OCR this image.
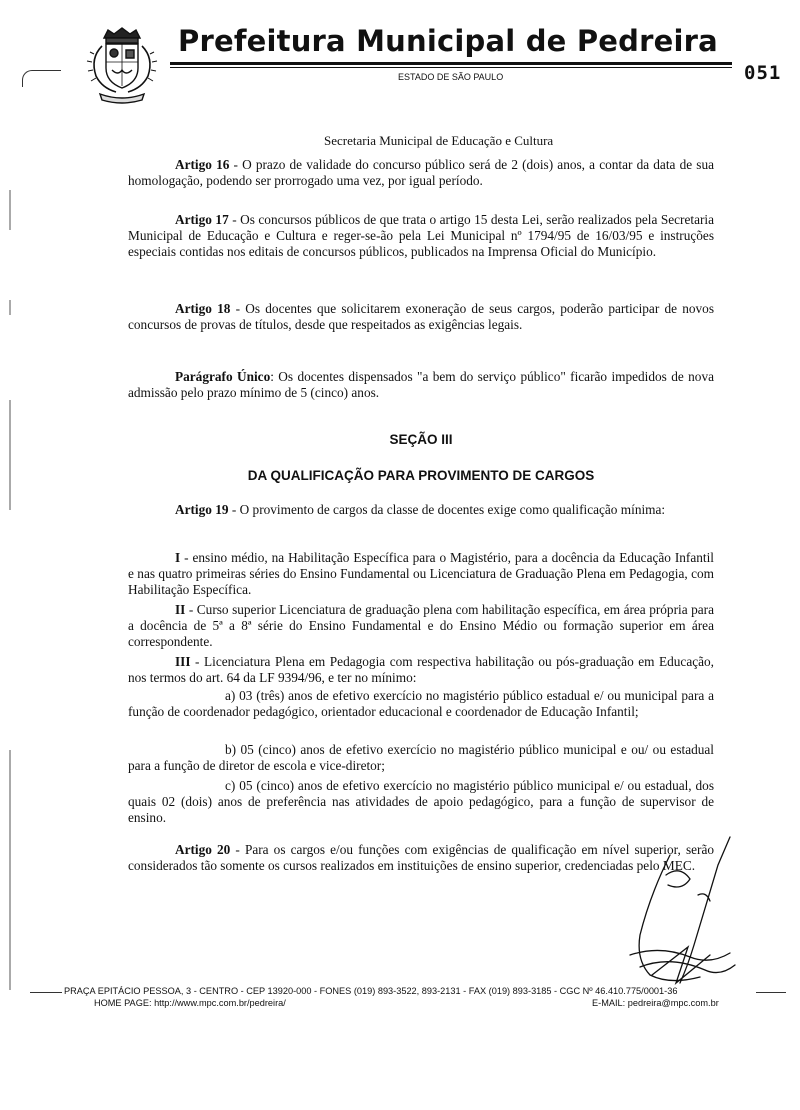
Prefeitura Municipal de Pedreira
ESTADO DE SÃO PAULO	051
Secretaria Municipal de Educação e Cultura
Artigo 16 - O prazo de validade do concurso público será de 2 (dois) anos, a contar da data de sua homologação, podendo ser prorrogado uma vez, por igual período.
Artigo 17 - Os concursos públicos de que trata o artigo 15 desta Lei, serão realizados pela Secretaria Municipal de Educação e Cultura e reger-se-ão pela Lei Municipal nº 1794/95 de 16/03/95 e instruções especiais contidas nos editais de concursos públicos, publicados na Imprensa Oficial do Município.
Artigo 18 - Os docentes que solicitarem exoneração de seus cargos, poderão participar de novos concursos de provas de títulos, desde que respeitados as exigências legais.
Parágrafo Único: Os docentes dispensados "a bem do serviço público" ficarão impedidos de nova admissão pelo prazo mínimo de 5 (cinco) anos.
SEÇÃO III
DA QUALIFICAÇÃO PARA PROVIMENTO DE CARGOS
Artigo 19 - O provimento de cargos da classe de docentes exige como qualificação mínima:
I - ensino médio, na Habilitação Específica para o Magistério, para a docência da Educação Infantil e nas quatro primeiras séries do Ensino Fundamental ou Licenciatura de Graduação Plena em Pedagogia, com Habilitação Específica.
II - Curso superior Licenciatura de graduação plena com habilitação específica, em área própria para a docência de 5ª a 8ª série do Ensino Fundamental e do Ensino Médio ou formação superior em área correspondente.
III - Licenciatura Plena em Pedagogia com respectiva habilitação ou pós-graduação em Educação, nos termos do art. 64 da LF 9394/96, e ter no mínimo:
a) 03 (três) anos de efetivo exercício no magistério público estadual e/ ou municipal para a função de coordenador pedagógico, orientador educacional e coordenador de Educação Infantil;
b) 05 (cinco) anos de efetivo exercício no magistério público municipal e ou/ ou estadual para a função de diretor de escola e vice-diretor;
c) 05 (cinco) anos de efetivo exercício no magistério público municipal e/ ou estadual, dos quais 02 (dois) anos de preferência nas atividades de apoio pedagógico, para a função de supervisor de ensino.
Artigo 20 - Para os cargos e/ou funções com exigências de qualificação em nível superior, serão considerados tão somente os cursos realizados em instituições de ensino superior, credenciadas pelo MEC.
PRAÇA EPITÁCIO PESSOA, 3 - CENTRO - CEP 13920-000 - FONES (019) 893-3522, 893-2131 - FAX (019) 893-3185 - CGC Nº 46.410.775/0001-36
HOME PAGE: http://www.mpc.com.br/pedreira/	E-MAIL: pedreira@mpc.com.br
